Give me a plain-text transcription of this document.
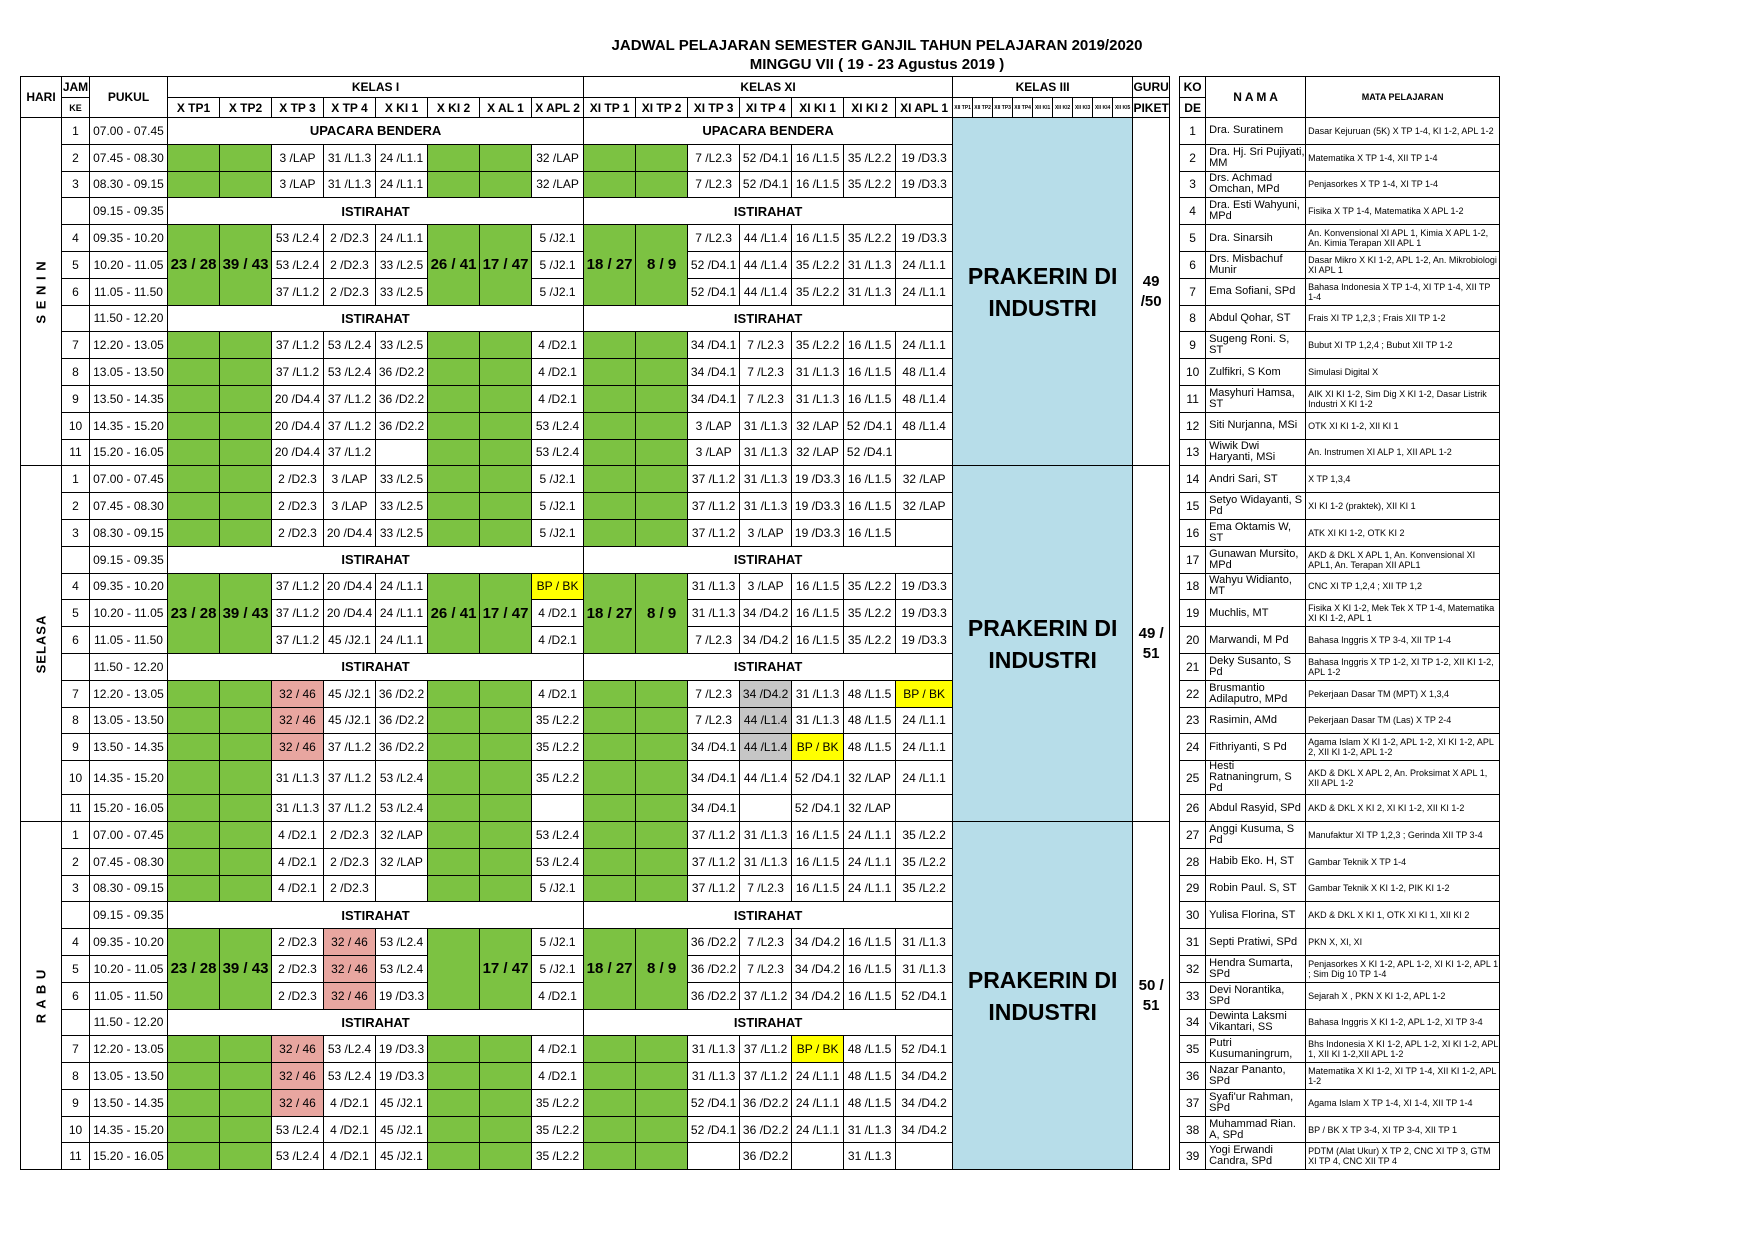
JADWAL PELAJARAN SEMESTER GANJIL TAHUN PELAJARAN 2019/2020
MINGGU VII ( 19 - 23 Agustus 2019 )
HARI	JAM	PUKUL	KELAS I								KELAS XI							KELAS III									GURU		KO	N A M A	MATA PELAJARAN
	KE		X TP1	X TP2	X TP 3	X TP 4	X KI 1	X KI 2	X AL 1	X APL 2	XI TP 1	XI TP 2	XI TP 3	XI TP 4	XI KI 1	XI KI 2	XI APL 1	XII TP1	XII TP2	XII TP3	XII TP4	XII KI1	XII KI2	XII KI3	XII KI4	XII KI5	PIKET		DE		

S E N I N	1	07.00 - 07.45	UPACARA BENDERA								UPACARA BENDERA							PRAKERIN DI INDUSTRI									49 /50		1	Dra. Suratinem	Dasar Kejuruan (5K) X TP 1-4, KI 1-2, APL 1-2
	2	07.45 - 08.30			3 /LAP	31 /L1.3	24 /L1.1			32 /LAP			7 /L2.3	52 /D4.1	16 /L1.5	35 /L2.2	19 /D3.3												2	Dra. Hj. Sri Pujiyati, MM	Matematika X TP 1-4, XII TP 1-4
	3	08.30 - 09.15			3 /LAP	31 /L1.3	24 /L1.1			32 /LAP			7 /L2.3	52 /D4.1	16 /L1.5	35 /L2.2	19 /D3.3												3	Drs. Achmad Omchan, MPd	Penjasorkes X TP 1-4, XI TP 1-4
		09.15 - 09.35	ISTIRAHAT								ISTIRAHAT																		4	Dra. Esti Wahyuni, MPd	Fisika X TP 1-4, Matematika X APL 1-2
	4	09.35 - 10.20	23 / 28	39 / 43	53 /L2.4	2 /D2.3	24 /L1.1	26 / 41	17 / 47	5 /J2.1	18 / 27	8 / 9	7 /L2.3	44 /L1.4	16 /L1.5	35 /L2.2	19 /D3.3												5	Dra. Sinarsih	An. Konvensional XI APL 1, Kimia X APL 1-2, An. Kimia Terapan XII APL 1
	5	10.20 - 11.05			53 /L2.4	2 /D2.3	33 /L2.5			5 /J2.1			52 /D4.1	44 /L1.4	35 /L2.2	31 /L1.3	24 /L1.1												6	Drs. Misbachuf Munir	Dasar Mikro X KI 1-2, APL 1-2, An. Mikrobiologi XI APL 1
	6	11.05 - 11.50			37 /L1.2	2 /D2.3	33 /L2.5			5 /J2.1			52 /D4.1	44 /L1.4	35 /L2.2	31 /L1.3	24 /L1.1												7	Ema Sofiani, SPd	Bahasa Indonesia X TP 1-4, XI TP 1-4, XII TP 1-4
		11.50 - 12.20	ISTIRAHAT								ISTIRAHAT																		8	Abdul Qohar, ST	Frais XI TP 1,2,3 ; Frais XII TP 1-2
	7	12.20 - 13.05			37 /L1.2	53 /L2.4	33 /L2.5			4 /D2.1			34 /D4.1	7 /L2.3	35 /L2.2	16 /L1.5	24 /L1.1												9	Sugeng Roni. S, ST	Bubut XI TP 1,2,4 ; Bubut XII TP 1-2
	8	13.05 - 13.50			37 /L1.2	53 /L2.4	36 /D2.2			4 /D2.1			34 /D4.1	7 /L2.3	31 /L1.3	16 /L1.5	48 /L1.4												10	Zulfikri, S Kom	Simulasi Digital X
	9	13.50 - 14.35			20 /D4.4	37 /L1.2	36 /D2.2			4 /D2.1			34 /D4.1	7 /L2.3	31 /L1.3	16 /L1.5	48 /L1.4												11	Masyhuri Hamsa, ST	AIK XI KI 1-2, Sim Dig X KI 1-2, Dasar Listrik Industri X KI 1-2
	10	14.35 - 15.20			20 /D4.4	37 /L1.2	36 /D2.2			53 /L2.4			3 /LAP	31 /L1.3	32 /LAP	52 /D4.1	48 /L1.4												12	Siti Nurjanna, MSi	OTK XI KI 1-2, XII KI 1
	11	15.20 - 16.05			20 /D4.4	37 /L1.2				53 /L2.4			3 /LAP	31 /L1.3	32 /LAP	52 /D4.1													13	Wiwik Dwi Haryanti, MSi	An. Instrumen XI ALP 1, XII APL 1-2

SELASA	1	07.00 - 07.45			2 /D2.3	3 /LAP	33 /L2.5			5 /J2.1			37 /L1.2	31 /L1.3	19 /D3.3	16 /L1.5	32 /LAP	PRAKERIN DI INDUSTRI									49 / 51		14	Andri Sari, ST	X TP 1,3,4
	2	07.45 - 08.30			2 /D2.3	3 /LAP	33 /L2.5			5 /J2.1			37 /L1.2	31 /L1.3	19 /D3.3	16 /L1.5	32 /LAP												15	Setyo Widayanti, S Pd	XI KI 1-2 (praktek), XII KI 1
	3	08.30 - 09.15			2 /D2.3	20 /D4.4	33 /L2.5			5 /J2.1			37 /L1.2	3 /LAP	19 /D3.3	16 /L1.5													16	Ema Oktamis W, ST	ATK XI KI 1-2, OTK KI 2
		09.15 - 09.35	ISTIRAHAT								ISTIRAHAT																		17	Gunawan Mursito, MPd	AKD & DKL X APL 1, An. Konvensional XI APL1, An. Terapan XII APL1
	4	09.35 - 10.20	23 / 28	39 / 43	37 /L1.2	20 /D4.4	24 /L1.1	26 / 41	17 / 47	BP / BK	18 / 27	8 / 9	31 /L1.3	3 /LAP	16 /L1.5	35 /L2.2	19 /D3.3												18	Wahyu Widianto, MT	CNC XI TP 1,2,4 ; XII TP 1,2
	5	10.20 - 11.05			37 /L1.2	20 /D4.4	24 /L1.1			4 /D2.1			31 /L1.3	34 /D4.2	16 /L1.5	35 /L2.2	19 /D3.3												19	Muchlis, MT	Fisika X KI 1-2, Mek Tek X TP 1-4, Matematika XI KI 1-2, APL 1
	6	11.05 - 11.50			37 /L1.2	45 /J2.1	24 /L1.1			4 /D2.1			7 /L2.3	34 /D4.2	16 /L1.5	35 /L2.2	19 /D3.3												20	Marwandi, M Pd	Bahasa Inggris X TP 3-4, XII TP 1-4
		11.50 - 12.20	ISTIRAHAT								ISTIRAHAT																		21	Deky Susanto, S Pd	Bahasa Inggris X TP 1-2, XI TP 1-2, XII KI 1-2, APL 1-2
	7	12.20 - 13.05			32 / 46	45 /J2.1	36 /D2.2			4 /D2.1			7 /L2.3	34 /D4.2	31 /L1.3	48 /L1.5	BP / BK												22	Brusmantio Adilaputro, MPd	Pekerjaan Dasar TM (MPT) X 1,3,4
	8	13.05 - 13.50			32 / 46	45 /J2.1	36 /D2.2			35 /L2.2			7 /L2.3	44 /L1.4	31 /L1.3	48 /L1.5	24 /L1.1												23	Rasimin, AMd	Pekerjaan Dasar TM (Las) X TP 2-4
	9	13.50 - 14.35			32 / 46	37 /L1.2	36 /D2.2			35 /L2.2			34 /D4.1	44 /L1.4	BP / BK	48 /L1.5	24 /L1.1												24	Fithriyanti, S Pd	Agama Islam X KI 1-2, APL 1-2, XI KI 1-2, APL 2, XII KI 1-2, APL 1-2
	10	14.35 - 15.20			31 /L1.3	37 /L1.2	53 /L2.4			35 /L2.2			34 /D4.1	44 /L1.4	52 /D4.1	32 /LAP	24 /L1.1												25	Hesti Ratnaningrum, S Pd	AKD & DKL X APL 2, An. Proksimat X APL 1, XII APL 1-2
	11	15.20 - 16.05			31 /L1.3	37 /L1.2	53 /L2.4						34 /D4.1		52 /D4.1	32 /LAP													26	Abdul Rasyid, SPd	AKD & DKL X KI 2, XI KI 1-2, XII KI 1-2

R A B U	1	07.00 - 07.45			4 /D2.1	2 /D2.3	32 /LAP			53 /L2.4			37 /L1.2	31 /L1.3	16 /L1.5	24 /L1.1	35 /L2.2	PRAKERIN DI INDUSTRI									50 / 51		27	Anggi Kusuma, S Pd	Manufaktur XI TP 1,2,3 ; Gerinda XII TP 3-4
	2	07.45 - 08.30			4 /D2.1	2 /D2.3	32 /LAP			53 /L2.4			37 /L1.2	31 /L1.3	16 /L1.5	24 /L1.1	35 /L2.2												28	Habib Eko. H, ST	Gambar Teknik X TP 1-4
	3	08.30 - 09.15			4 /D2.1	2 /D2.3				5 /J2.1			37 /L1.2	7 /L2.3	16 /L1.5	24 /L1.1	35 /L2.2												29	Robin Paul. S, ST	Gambar Teknik X KI 1-2, PIK KI 1-2
		09.15 - 09.35	ISTIRAHAT								ISTIRAHAT																		30	Yulisa Florina, ST	AKD & DKL X KI 1, OTK XI KI 1, XII KI 2
	4	09.35 - 10.20	23 / 28	39 / 43	2 /D2.3	32 / 46	53 /L2.4		17 / 47	5 /J2.1	18 / 27	8 / 9	36 /D2.2	7 /L2.3	34 /D4.2	16 /L1.5	31 /L1.3												31	Septi Pratiwi, SPd	PKN X, XI, XI
	5	10.20 - 11.05			2 /D2.3	32 / 46	53 /L2.4			5 /J2.1			36 /D2.2	7 /L2.3	34 /D4.2	16 /L1.5	31 /L1.3												32	Hendra Sumarta, SPd	Penjasorkes X KI 1-2, APL 1-2, XI KI 1-2, APL 1 ; Sim Dig 10 TP 1-4
	6	11.05 - 11.50			2 /D2.3	32 / 46	19 /D3.3			4 /D2.1			36 /D2.2	37 /L1.2	34 /D4.2	16 /L1.5	52 /D4.1												33	Devi Norantika, SPd	Sejarah X , PKN X KI 1-2, APL 1-2
		11.50 - 12.20	ISTIRAHAT								ISTIRAHAT																		34	Dewinta Laksmi Vikantari, SS	Bahasa Inggris X KI 1-2, APL 1-2, XI TP 3-4
	7	12.20 - 13.05			32 / 46	53 /L2.4	19 /D3.3			4 /D2.1			31 /L1.3	37 /L1.2	BP / BK	48 /L1.5	52 /D4.1												35	Putri Kusumaningrum,	Bhs Indonesia X KI 1-2, APL 1-2, XI KI 1-2, APL 1, XII KI 1-2,XII APL 1-2
	8	13.05 - 13.50			32 / 46	53 /L2.4	19 /D3.3			4 /D2.1			31 /L1.3	37 /L1.2	24 /L1.1	48 /L1.5	34 /D4.2												36	Nazar Pananto, SPd	Matematika X KI 1-2, XI TP 1-4, XII KI 1-2, APL 1-2
	9	13.50 - 14.35			32 / 46	4 /D2.1	45 /J2.1			35 /L2.2			52 /D4.1	36 /D2.2	24 /L1.1	48 /L1.5	34 /D4.2												37	Syafi'ur Rahman, SPd	Agama Islam X TP 1-4, XI 1-4, XII TP 1-4
	10	14.35 - 15.20			53 /L2.4	4 /D2.1	45 /J2.1			35 /L2.2			52 /D4.1	36 /D2.2	24 /L1.1	31 /L1.3	34 /D4.2												38	Muhammad Rian. A, SPd	BP / BK X TP 3-4, XI TP 3-4, XII TP 1
	11	15.20 - 16.05			53 /L2.4	4 /D2.1	45 /J2.1			35 /L2.2				36 /D2.2		31 /L1.3													39	Yogi Erwandi Candra, SPd	PDTM (Alat Ukur) X TP 2, CNC XI TP 3, GTM XI TP 4, CNC XII TP 4
